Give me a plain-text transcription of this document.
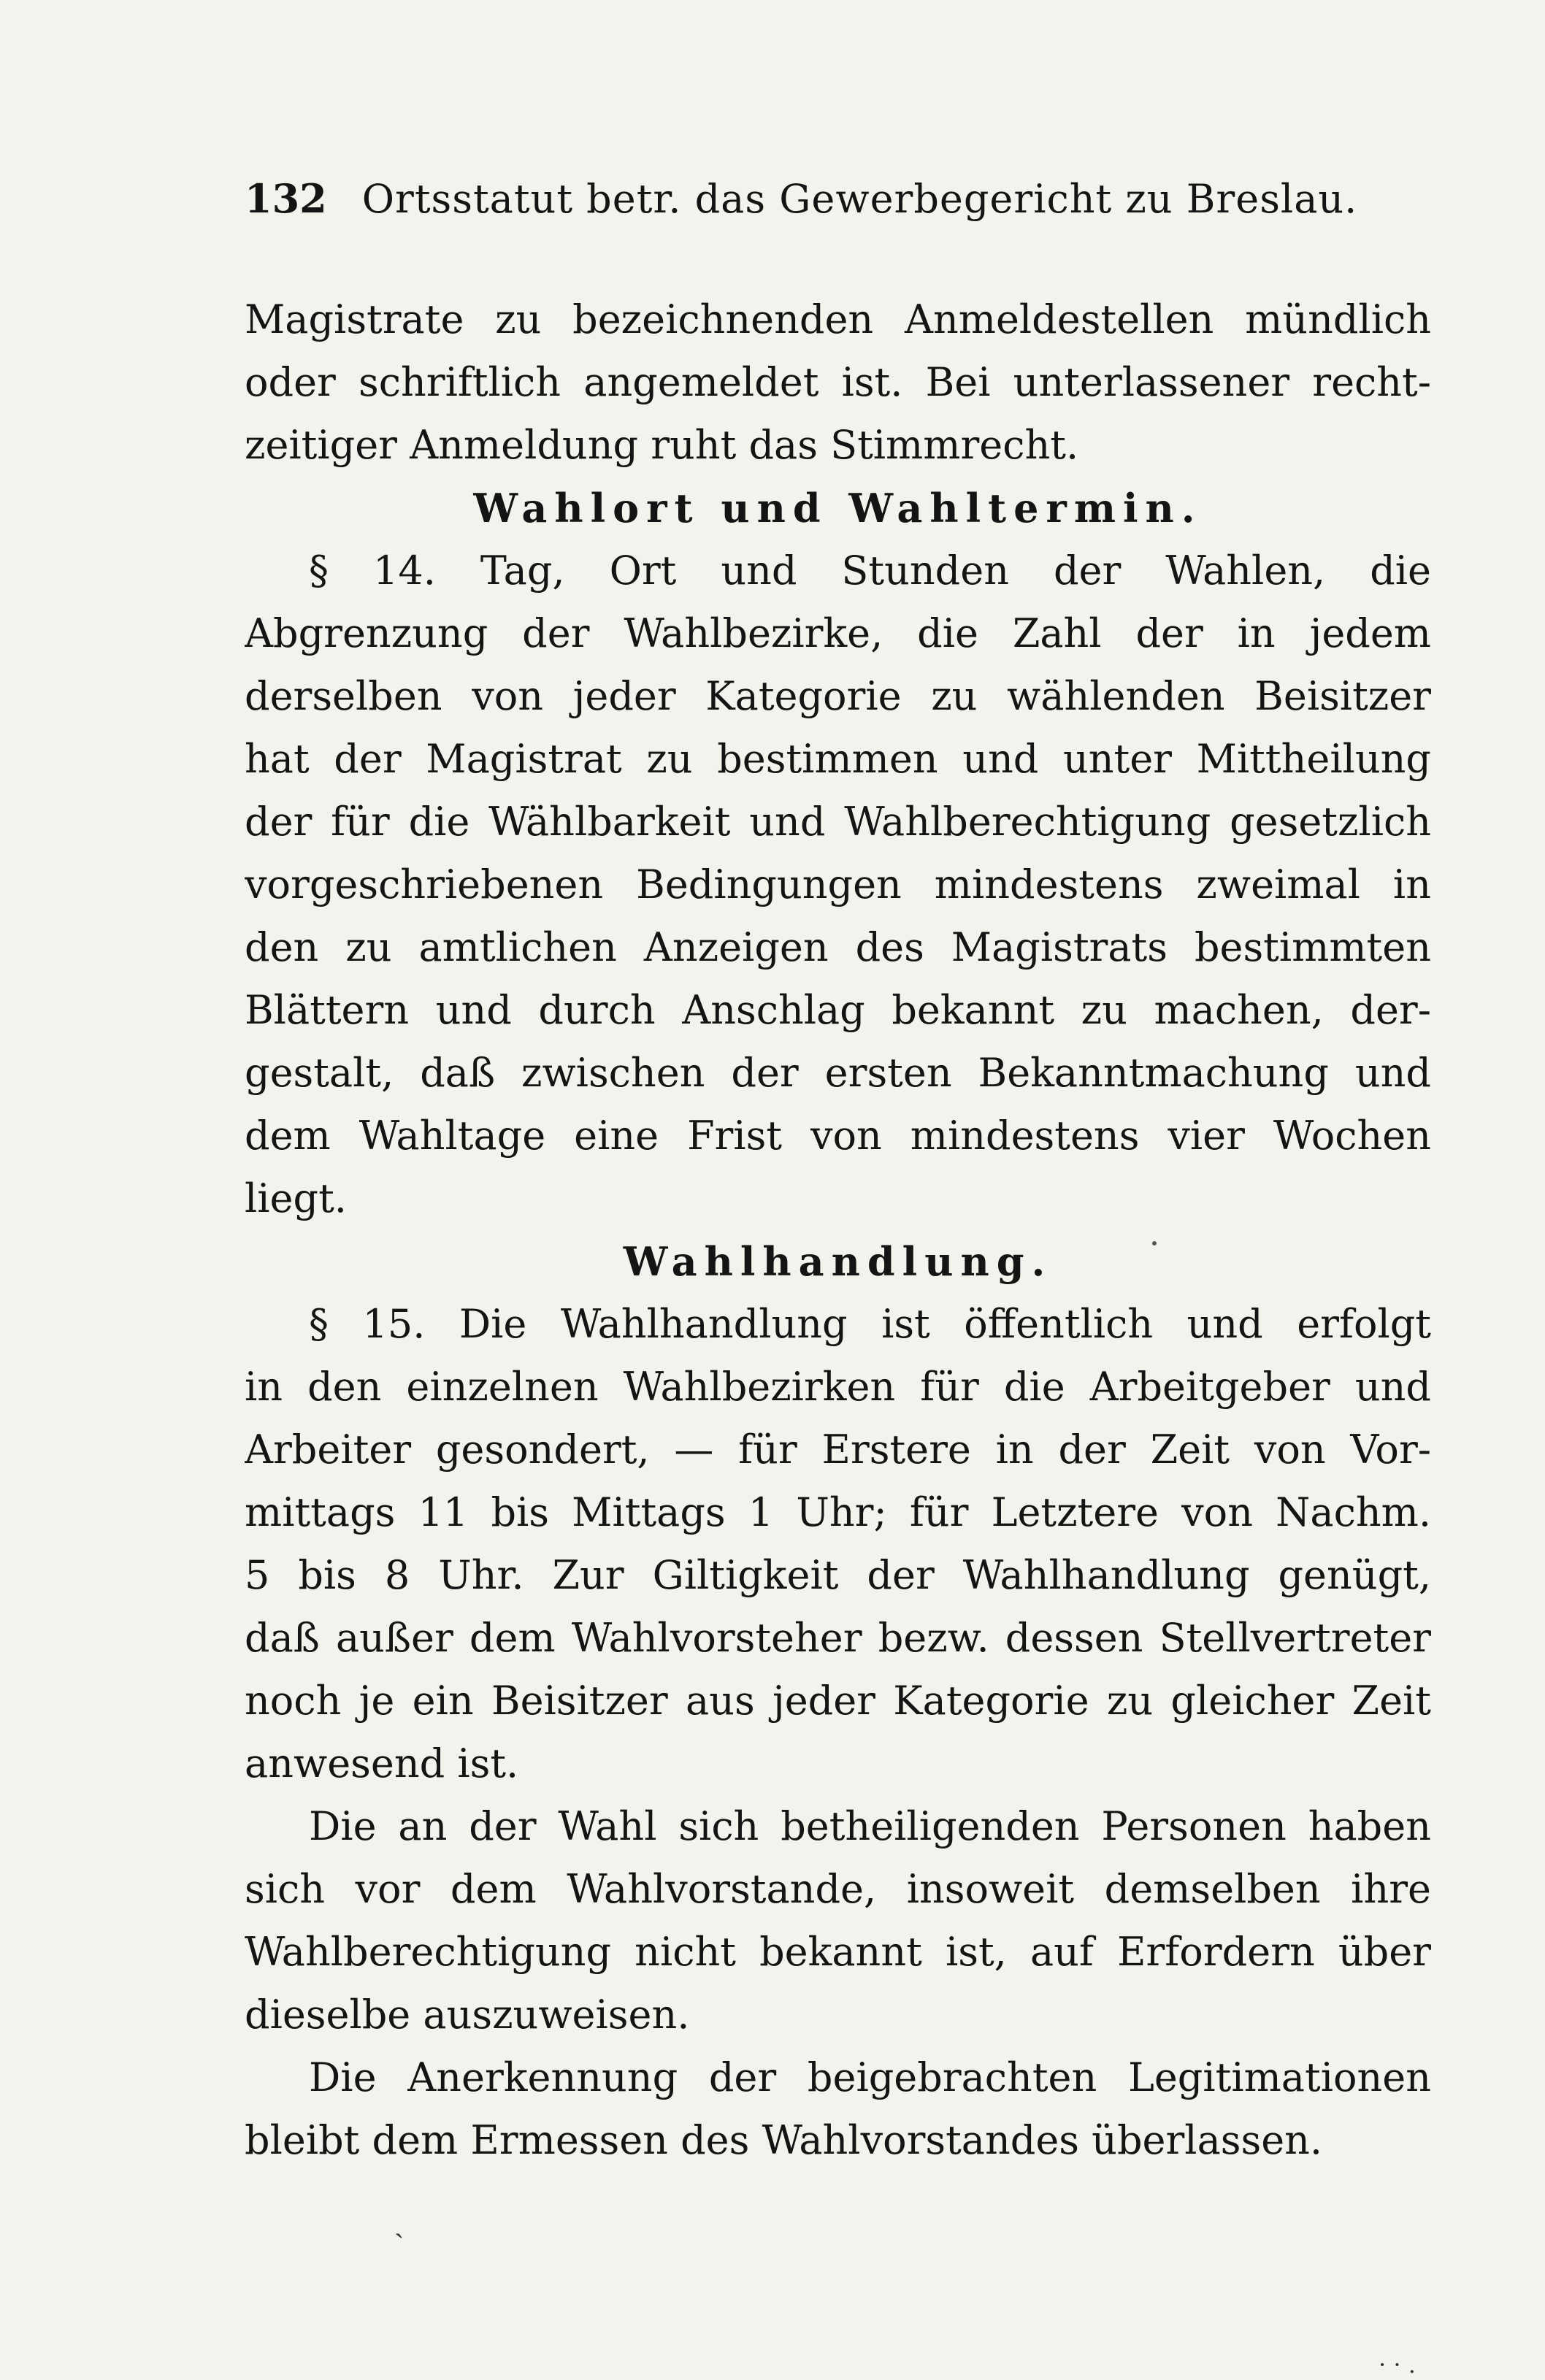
132 Ortsstatut betr. das Gewerbegericht zu Breslau.
Magistrate zu bezeichnenden Anmeldestellen mündlich
oder schriftlich angemeldet ist. Bei unterlassener recht-
zeitiger Anmeldung ruht das Stimmrecht.
Wahlort und Wahltermin.
§ 14. Tag, Ort und Stunden der Wahlen, die
Abgrenzung der Wahlbezirke, die Zahl der in jedem
derselben von jeder Kategorie zu wählenden Beisitzer
hat der Magistrat zu bestimmen und unter Mittheilung
der für die Wählbarkeit und Wahlberechtigung gesetzlich
vorgeschriebenen Bedingungen mindestens zweimal in
den zu amtlichen Anzeigen des Magistrats bestimmten
Blättern und durch Anschlag bekannt zu machen, der-
gestalt, daß zwischen der ersten Bekanntmachung und
dem Wahltage eine Frist von mindestens vier Wochen
liegt.
Wahlhandlung.
§ 15. Die Wahlhandlung ist öffentlich und erfolgt
in den einzelnen Wahlbezirken für die Arbeitgeber und
Arbeiter gesondert, — für Erstere in der Zeit von Vor-
mittags 11 bis Mittags 1 Uhr; für Letztere von Nachm.
5 bis 8 Uhr. Zur Giltigkeit der Wahlhandlung genügt,
daß außer dem Wahlvorsteher bezw. dessen Stellvertreter
noch je ein Beisitzer aus jeder Kategorie zu gleicher Zeit
anwesend ist.
Die an der Wahl sich betheiligenden Personen haben
sich vor dem Wahlvorstande, insoweit demselben ihre
Wahlberechtigung nicht bekannt ist, auf Erfordern über
dieselbe auszuweisen.
Die Anerkennung der beigebrachten Legitimationen
bleibt dem Ermessen des Wahlvorstandes überlassen.
ˎ
· · .
